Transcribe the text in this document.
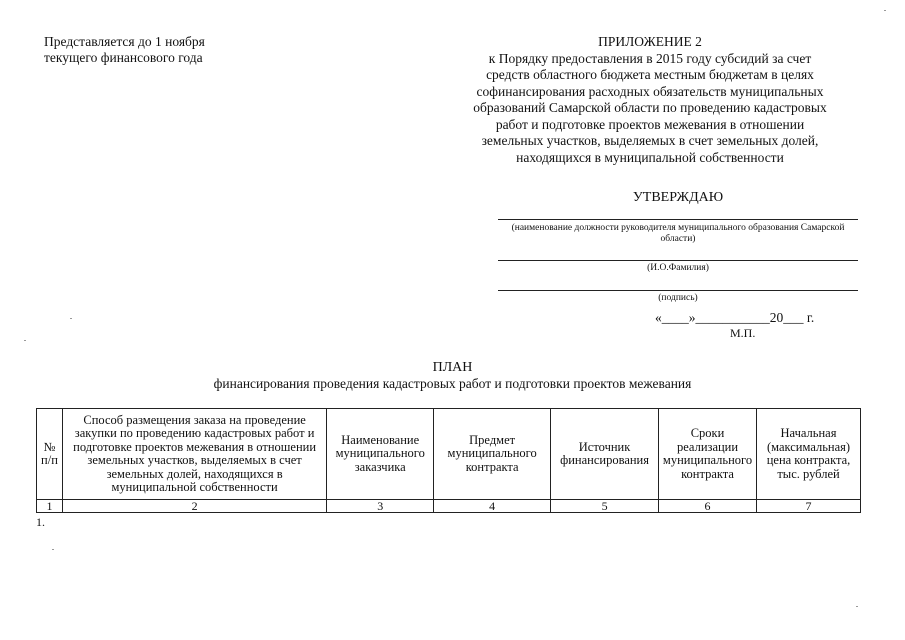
Представляется до 1 ноября
текущего финансового года
ПРИЛОЖЕНИЕ 2
к Порядку предоставления в 2015 году субсидий за счет
средств областного бюджета местным бюджетам в целях
софинансирования расходных обязательств муниципальных
образований Самарской области по проведению кадастровых
работ и подготовке проектов межевания в отношении
земельных участков, выделяемых в счет земельных долей,
находящихся в муниципальной собственности
УТВЕРЖДАЮ
(наименование должности руководителя муниципального образования Самарской области)
(И.О.Фамилия)
(подпись)
«____»___________20___ г.
М.П.
ПЛАН
финансирования проведения кадастровых работ и подготовки проектов межевания
№ п/п	Способ размещения заказа на проведение закупки по проведению кадастровых работ и подготовке проектов межевания в отношении земельных участков, выделяемых в счет земельных долей, находящихся в муниципальной собственности	Наименование муниципального заказчика	Предмет муниципального контракта	Источник финансирования	Сроки реализации муниципального контракта	Начальная (максимальная) цена контракта, тыс. рублей
1	2	3	4	5	6	7
1.
